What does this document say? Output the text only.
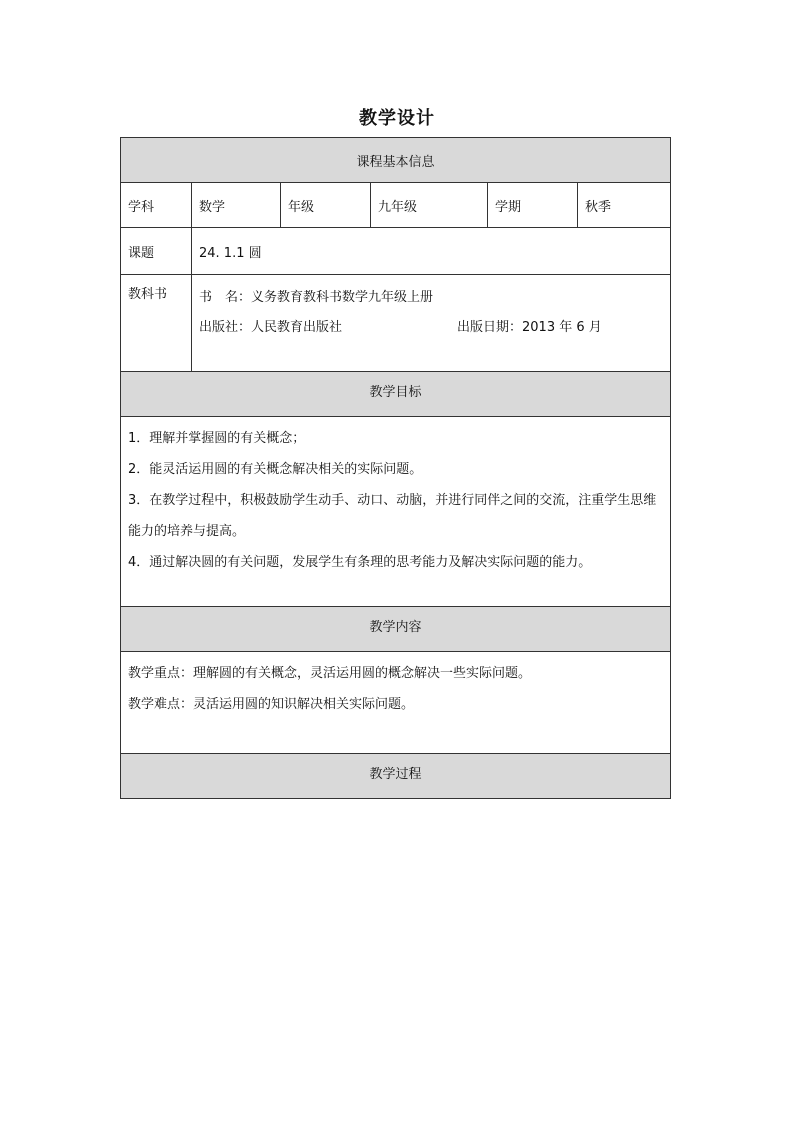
教学设计
课程基本信息					
学科	数学	年级	九年级	学期	秋季
课题	24. 1.1 圆				
教科书	书　名：义务教育教科书数学九年级上册
出版社：人民教育出版社 出版日期：2013 年 6 月				

教学目标					

1．理解并掌握圆的有关概念；
2．能灵活运用圆的有关概念解决相关的实际问题。
3．在教学过程中，积极鼓励学生动手、动口、动脑，并进行同伴之间的交流，注重学生思维能力的培养与提高。
4．通过解决圆的有关问题，发展学生有条理的思考能力及解决实际问题的能力。					

教学内容					

教学重点：理解圆的有关概念，灵活运用圆的概念解决一些实际问题。
教学难点：灵活运用圆的知识解决相关实际问题。					

教学过程					
